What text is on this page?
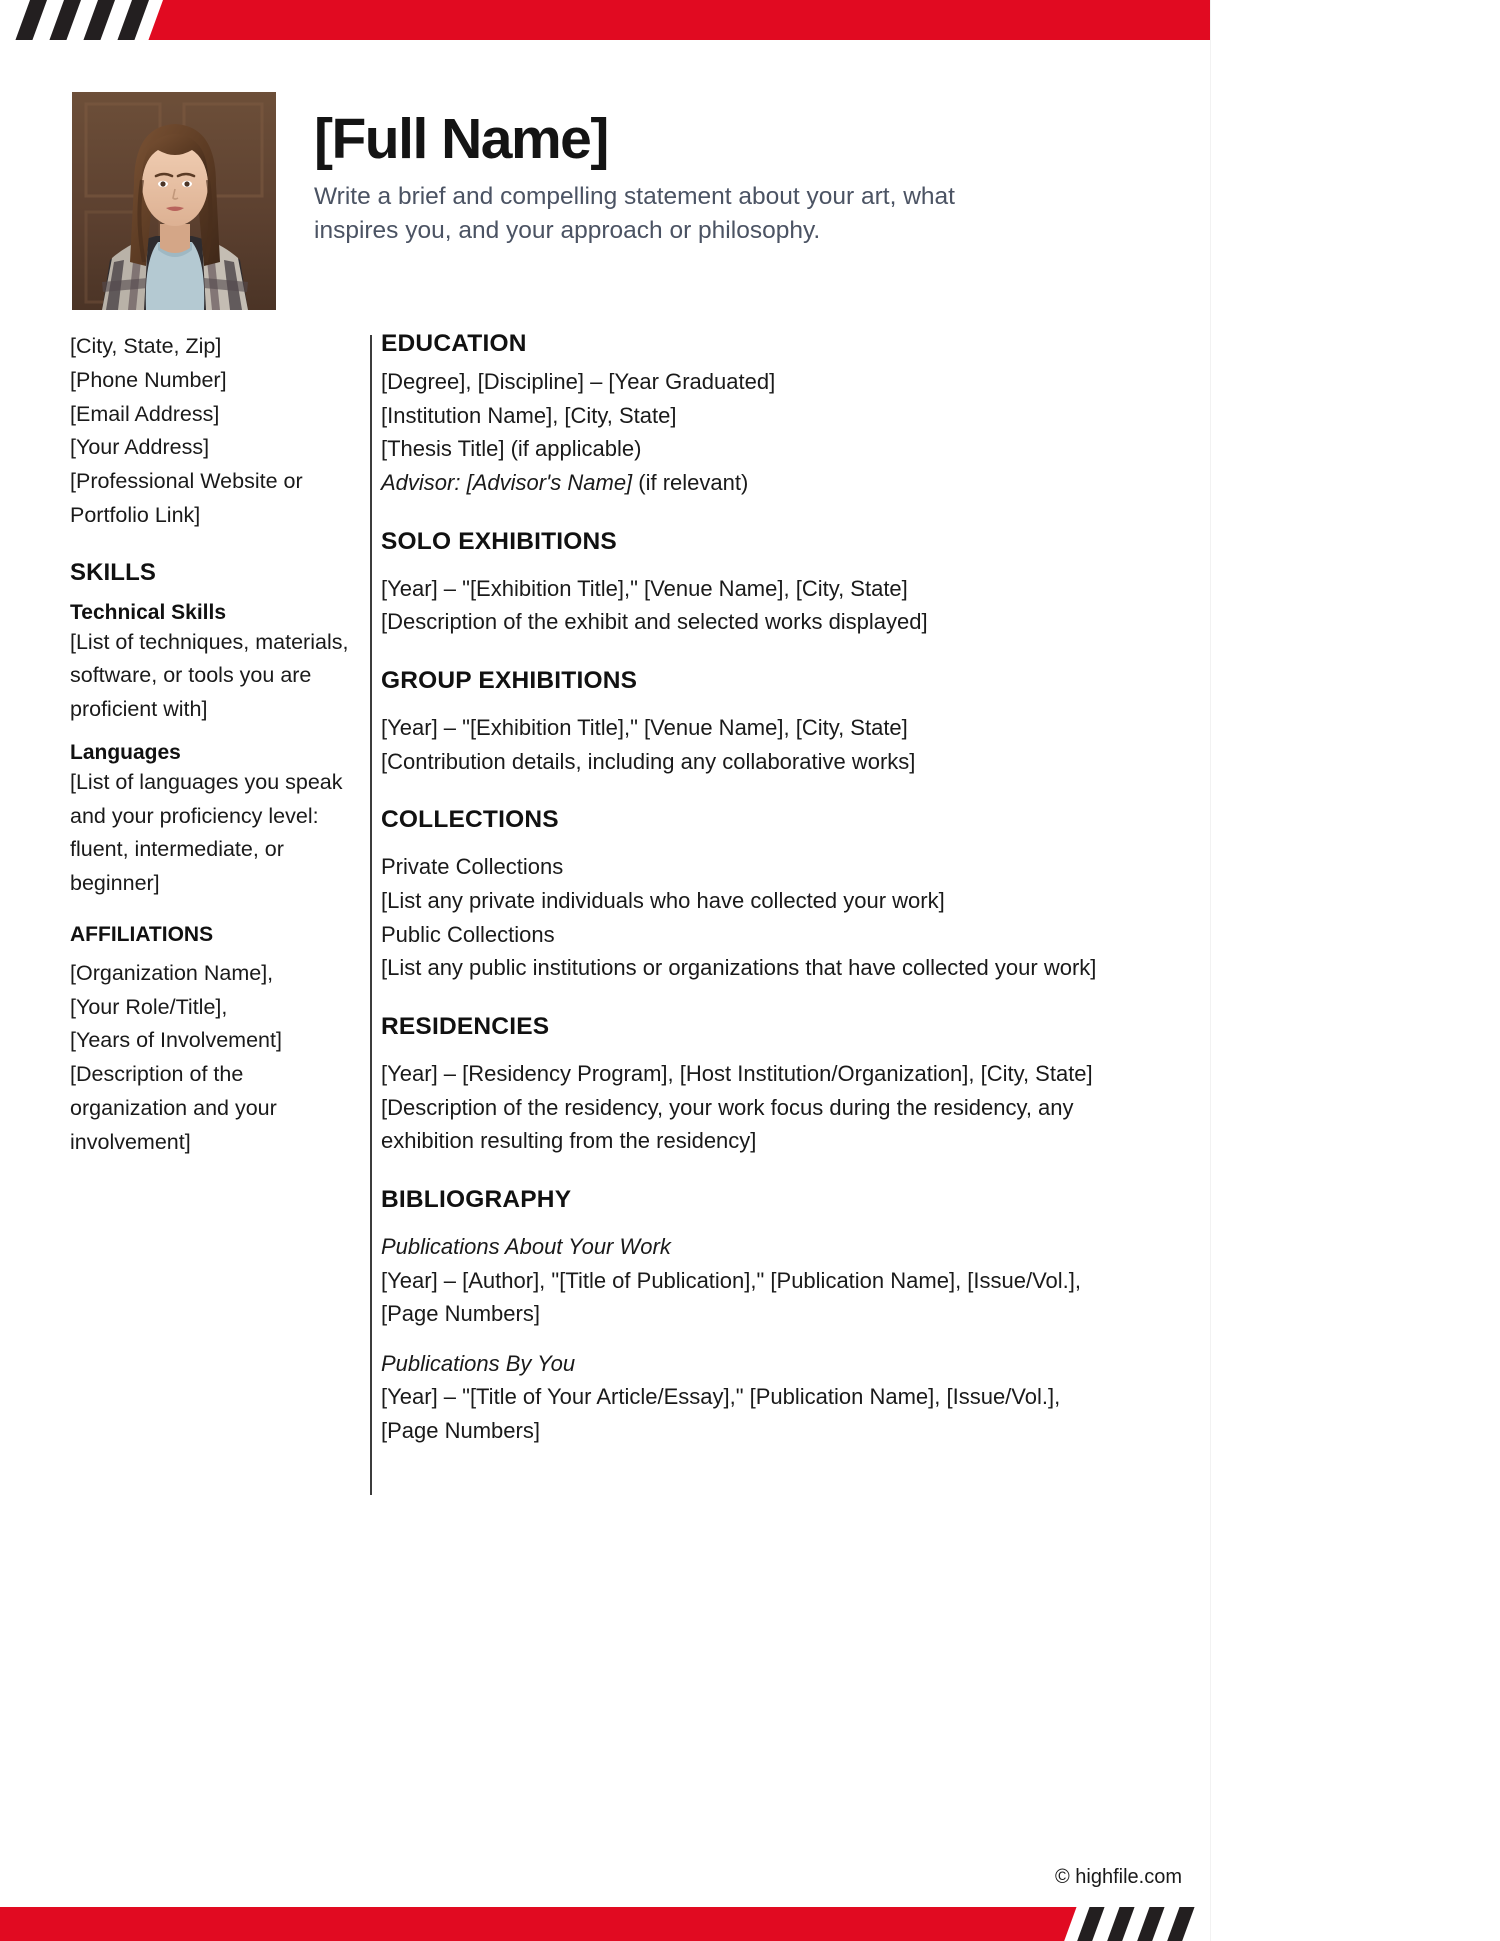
[Full Name]
Write a brief and compelling statement about your art, what
inspires you, and your approach or philosophy.
[City, State, Zip]
[Phone Number]
[Email Address]
[Your Address]
[Professional Website or
Portfolio Link]
SKILLS
Technical Skills
[List of techniques, materials,
software, or tools you are
proficient with]
Languages
[List of languages you speak
and your proficiency level:
fluent, intermediate, or
beginner]
AFFILIATIONS
[Organization Name],
[Your Role/Title],
[Years of Involvement]
[Description of the
organization and your
involvement]
EDUCATION
[Degree], [Discipline] – [Year Graduated]
[Institution Name], [City, State]
[Thesis Title] (if applicable)
Advisor: [Advisor's Name] (if relevant)
SOLO EXHIBITIONS
[Year] – "[Exhibition Title]," [Venue Name], [City, State]
[Description of the exhibit and selected works displayed]
GROUP EXHIBITIONS
[Year] – "[Exhibition Title]," [Venue Name], [City, State]
[Contribution details, including any collaborative works]
COLLECTIONS
Private Collections
[List any private individuals who have collected your work]
Public Collections
[List any public institutions or organizations that have collected your work]
RESIDENCIES
[Year] – [Residency Program], [Host Institution/Organization], [City, State]
[Description of the residency, your work focus during the residency, any
exhibition resulting from the residency]
BIBLIOGRAPHY
Publications About Your Work
[Year] – [Author], "[Title of Publication]," [Publication Name], [Issue/Vol.],
[Page Numbers]
Publications By You
[Year] – "[Title of Your Article/Essay]," [Publication Name], [Issue/Vol.],
[Page Numbers]
© highfile.com
